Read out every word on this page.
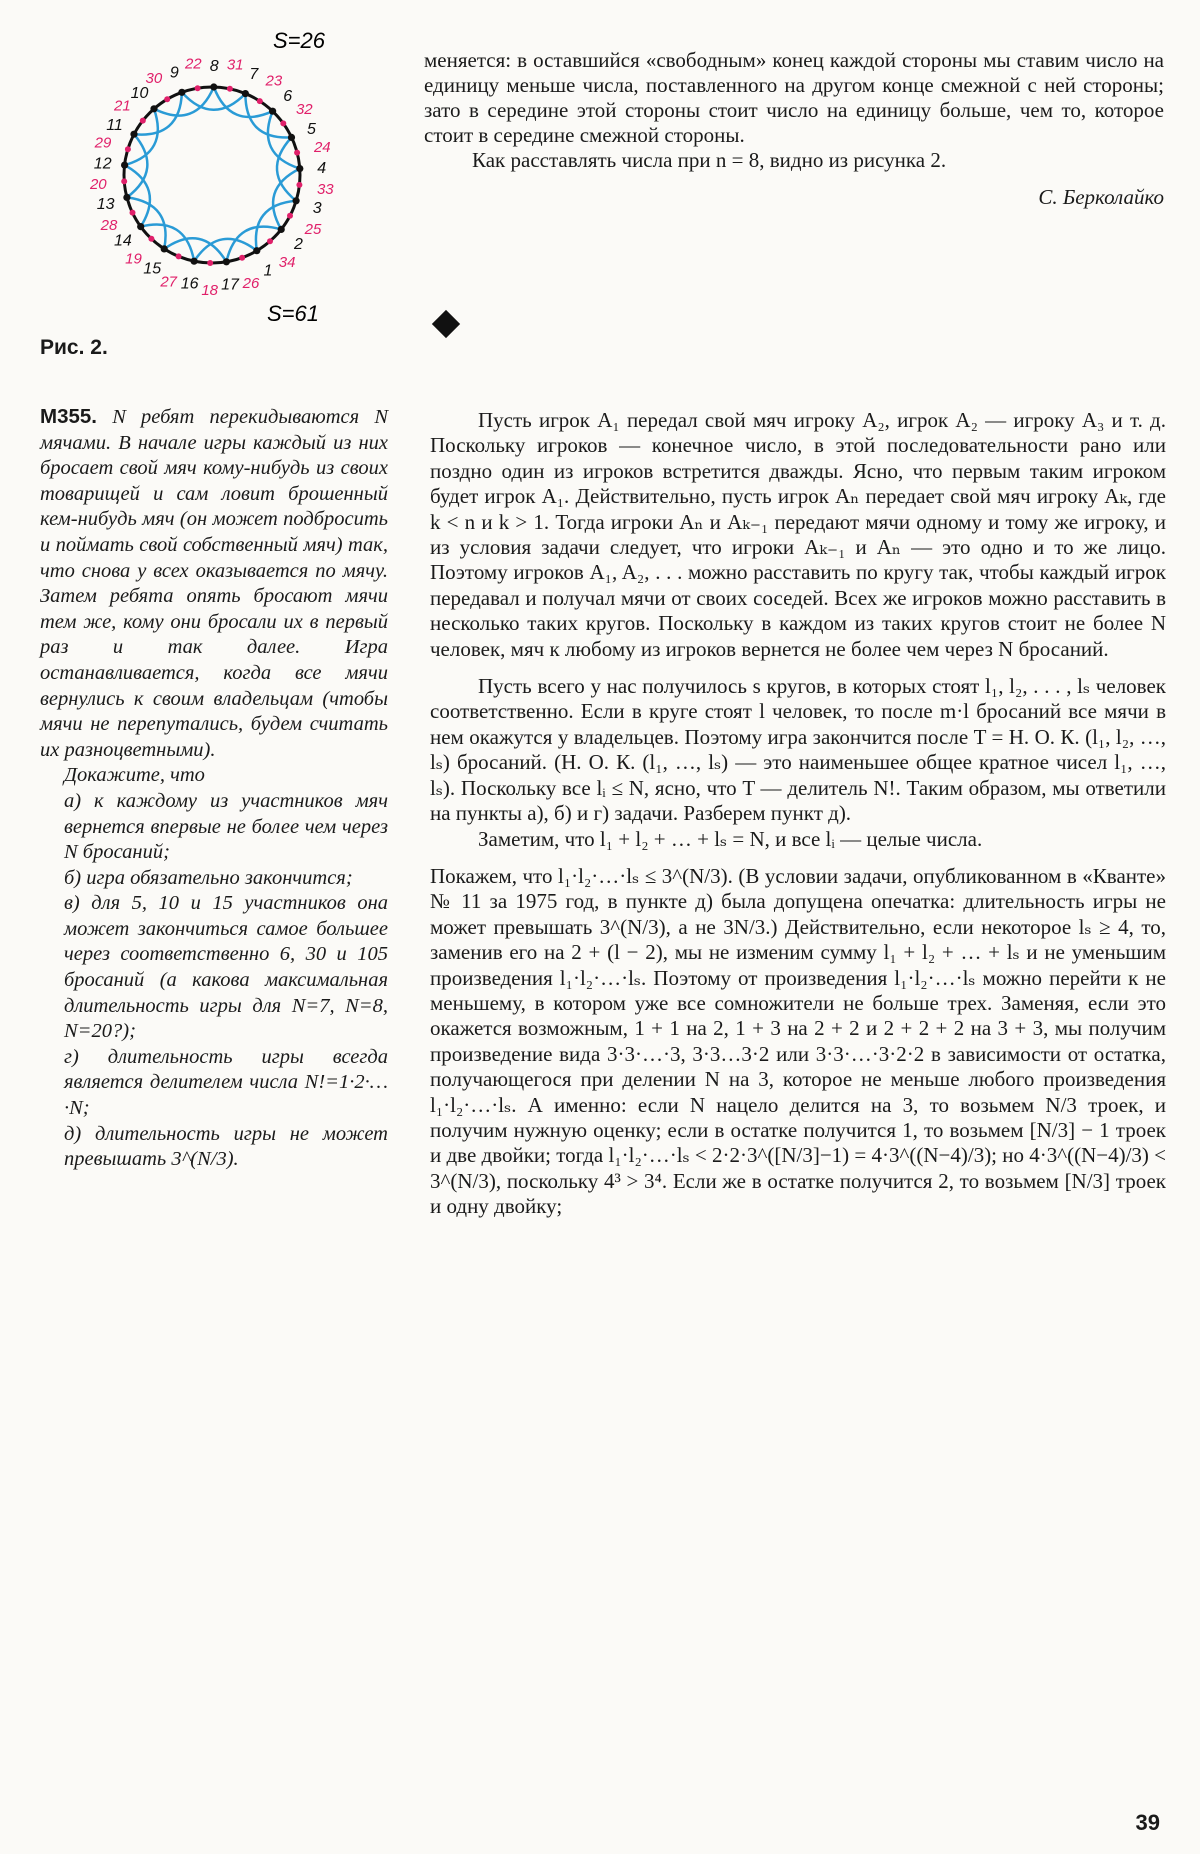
S=26
S=61
8 7
6
5
4
3
2
1
17
16
15
14
13
12
11
10
9	31
23
32
24
33
25
34
26
18
27
19
28
20
29
21
30
22
Рис. 2.

меняется: в оставшийся «свободным» конец каждой стороны мы ставим число на единицу меньше числа, поставленного на другом конце смежной с ней стороны; зато в середине этой стороны стоит число на единицу больше, чем то, которое стоит в середине смежной стороны.

Как расставлять числа при n = 8, видно из рисунка 2.

С. Берколайко

М355. N ребят перекидываются N мячами. В начале игры каждый из них бросает свой мяч кому-нибудь из своих товарищей и сам ловит брошенный кем-нибудь мяч (он может подбросить и поймать свой собственный мяч) так, что снова у всех оказывается по мячу. Затем ребята опять бросают мячи тем же, кому они бросали их в первый раз и так далее. Игра останавливается, когда все мячи вернулись к своим владельцам (чтобы мячи не перепутались, будем считать их разноцветными).

Докажите, что

а) к каждому из участников мяч вернется впервые не более чем через N бросаний;

б) игра обязательно закончится;

в) для 5, 10 и 15 участников она может закончиться самое большее через соответственно 6, 30 и 105 бросаний (а какова максимальная длительность игры для N=7, N=8, N=20?);

г) длительность игры всегда является делителем числа N!=1·2·…·N;

д) длительность игры не может превышать 3^(N/3).

Пусть игрок A₁ передал свой мяч игроку A₂, игрок A₂ — игроку A₃ и т. д. Поскольку игроков — конечное число, в этой последовательности рано или поздно один из игроков встретится дважды. Ясно, что первым таким игроком будет игрок A₁. Действительно, пусть игрок Aₙ передает свой мяч игроку Aₖ, где k < n и k > 1. Тогда игроки Aₙ и Aₖ₋₁ передают мячи одному и тому же игроку, и из условия задачи следует, что игроки Aₖ₋₁ и Aₙ — это одно и то же лицо. Поэтому игроков A₁, A₂, . . . можно расставить по кругу так, чтобы каждый игрок передавал и получал мячи от своих соседей. Всех же игроков можно расставить в несколько таких кругов. Поскольку в каждом из таких кругов стоит не более N человек, мяч к любому из игроков вернется не более чем через N бросаний.

Пусть всего у нас получилось s кругов, в которых стоят l₁, l₂, . . . , lₛ человек соответственно. Если в круге стоят l человек, то после m·l бросаний все мячи в нем окажутся у владельцев. Поэтому игра закончится после T = Н. О. К. (l₁, l₂, …, lₛ) бросаний. (Н. О. К. (l₁, …, lₛ) — это наименьшее общее кратное чисел l₁, …, lₛ). Поскольку все lᵢ ≤ N, ясно, что T — делитель N!. Таким образом, мы ответили на пункты а), б) и г) задачи. Разберем пункт д).

Заметим, что l₁ + l₂ + … + lₛ = N, и все lᵢ — целые числа.

Покажем, что l₁·l₂·…·lₛ ≤ 3^(N/3). (В условии задачи, опубликованном в «Кванте» № 11 за 1975 год, в пункте д) была допущена опечатка: длительность игры не может превышать 3^(N/3), а не 3N/3.) Действительно, если некоторое lₛ ≥ 4, то, заменив его на 2 + (l − 2), мы не изменим сумму l₁ + l₂ + … + lₛ и не уменьшим произведения l₁·l₂·…·lₛ. Поэтому от произведения l₁·l₂·…·lₛ можно перейти к не меньшему, в котором уже все сомножители не больше трех. Заменяя, если это окажется возможным, 1 + 1 на 2, 1 + 3 на 2 + 2 и 2 + 2 + 2 на 3 + 3, мы получим произведение вида 3·3·…·3, 3·3…3·2 или 3·3·…·3·2·2 в зависимости от остатка, получающегося при делении N на 3, которое не меньше любого произведения l₁·l₂·…·lₛ. А именно: если N нацело делится на 3, то возьмем N/3 троек, и получим нужную оценку; если в остатке получится 1, то возьмем [N/3] − 1 троек и две двойки; тогда l₁·l₂·…·lₛ < 2·2·3^([N/3]−1) = 4·3^((N−4)/3); но 4·3^((N−4)/3) < 3^(N/3), поскольку 4³ > 3⁴. Если же в остатке получится 2, то возьмем [N/3] троек и одну двойку;

39
